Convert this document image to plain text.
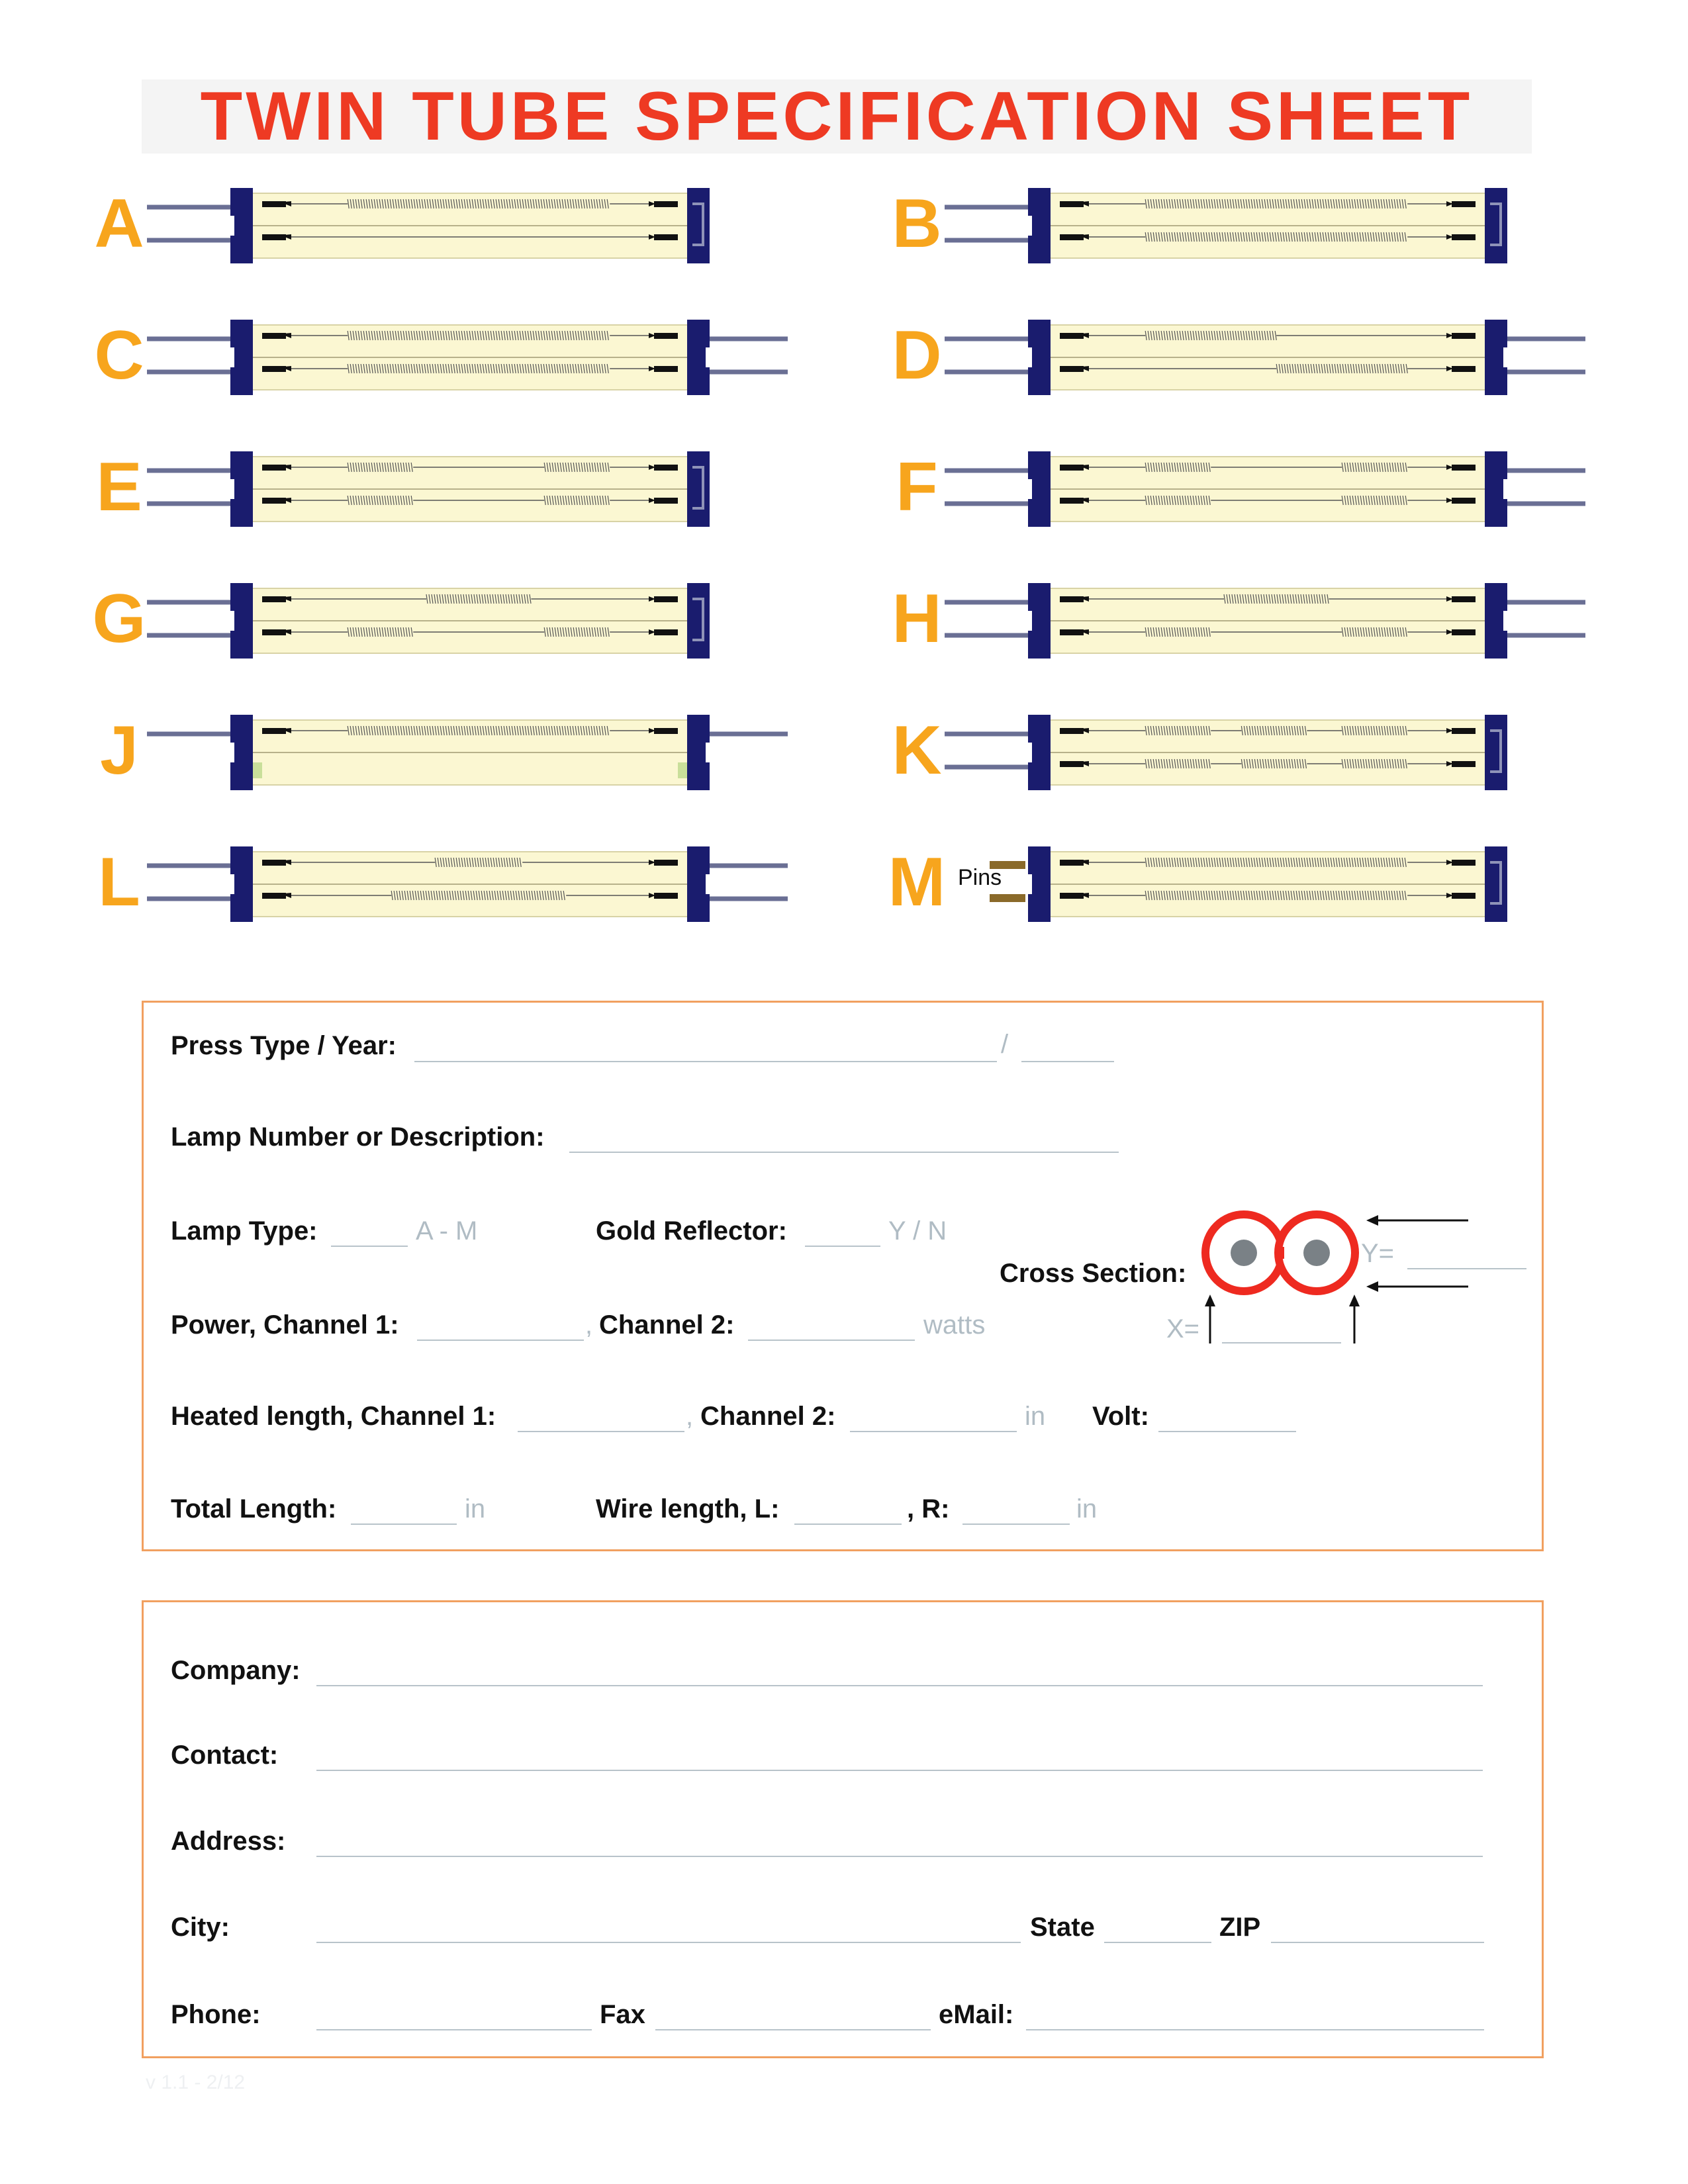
TWIN TUBE SPECIFICATION SHEET
A	B
C	D
E	F
G	H
J	K
L	M Pins
Press Type / Year:	/
Lamp Number or Description:
Lamp Type:	A - M	Gold Reflector:	Y / N
Cross Section:
Y=
X=
Power, Channel 1:	, Channel 2:	watts
Heated length, Channel 1:	, Channel 2:	in Volt:
Total Length:	in	Wire length, L:	, R:	in
Company:
Contact:
Address:
City:	State	ZIP
Phone:	Fax	eMail:
v 1.1 - 2/12
